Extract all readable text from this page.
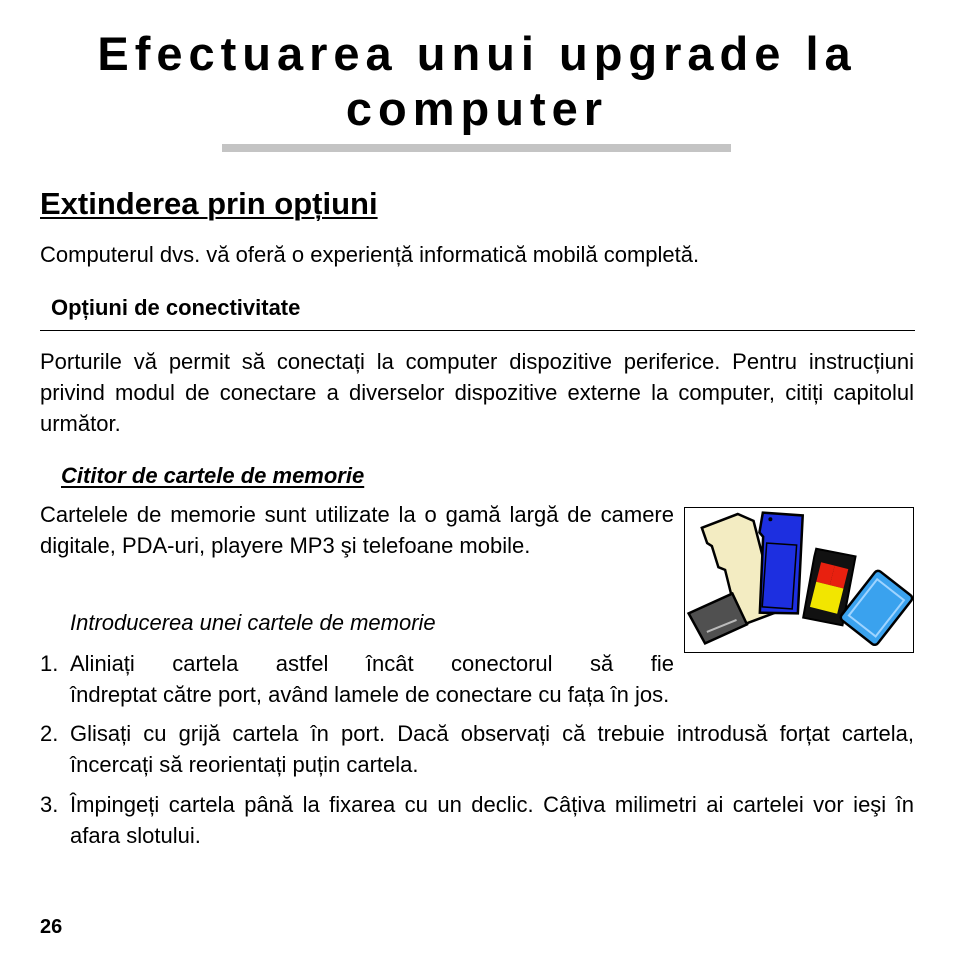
Efectuarea unui upgrade la computer
Extinderea prin opțiuni

Computerul dvs. vă oferă o experiență informatică mobilă completă.

Opțiuni de conectivitate

Porturile vă permit să conectați la computer dispozitive periferice. Pentru instrucțiuni privind modul de conectare a diverselor dispozitive externe la computer, citiți capitolul următor.

Cititor de cartele de memorie

Cartelele de memorie sunt utilizate la o gamă largă de camere digitale, PDA-uri, playere MP3 şi telefoane mobile.

Introducerea unei cartele de memorie

1. Aliniați cartela astfel încât conectorul să fie
îndreptat către port, având lamele de conectare cu fața în jos.
2. Glisați cu grijă cartela în port. Dacă observați că trebuie introdusă forțat cartela, încercați să reorientați puțin cartela.
3. Împingeți cartela până la fixarea cu un declic. Câțiva milimetri ai cartelei vor ieşi în afara slotului.

26
